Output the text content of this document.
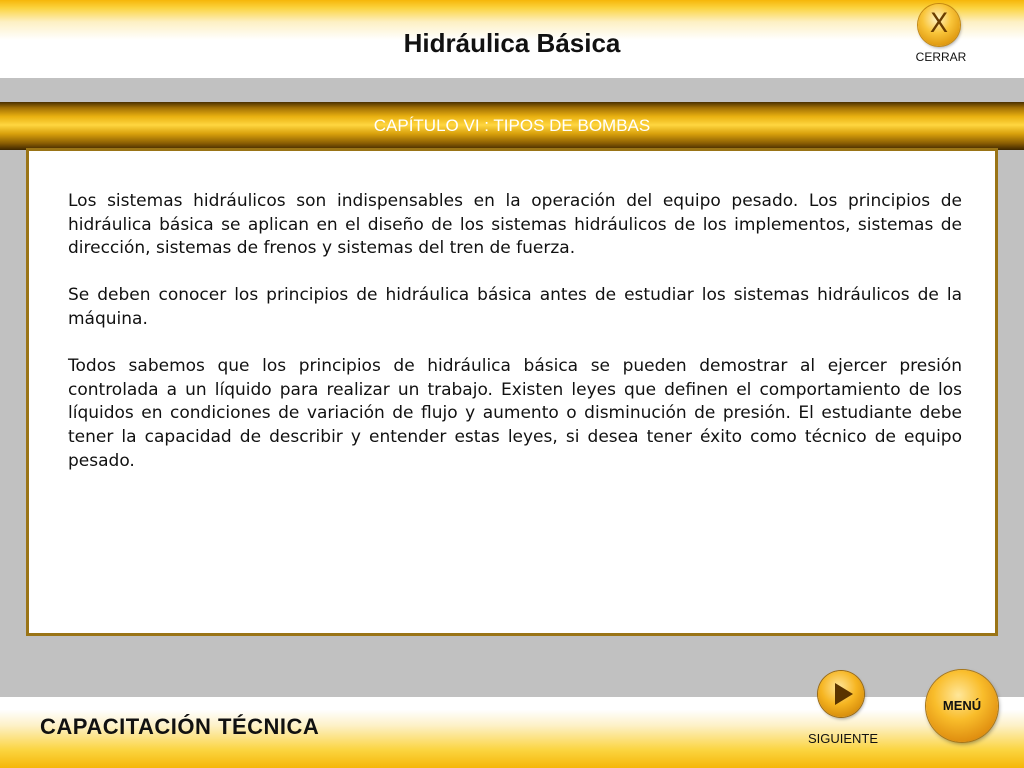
Hidráulica Básica
X
CERRAR
CAPÍTULO VI : TIPOS DE BOMBAS

Los sistemas hidráulicos son indispensables en la operación del equipo pesado. Los principios de hidráulica básica se aplican en el diseño de los sistemas hidráulicos de los implementos, sistemas de dirección, sistemas de frenos y sistemas del tren de fuerza.

Se deben conocer los principios de hidráulica básica antes de estudiar los sistemas hidráulicos de la máquina.

Todos sabemos que los principios de hidráulica básica se pueden demostrar al ejercer presión controlada a un líquido para realizar un trabajo. Existen leyes que definen el comportamiento de los líquidos en condiciones de variación de flujo y aumento o disminución de presión. El estudiante debe tener la capacidad de describir y entender estas leyes, si desea tener éxito como técnico de equipo pesado.

CAPACITACIÓN TÉCNICA	SIGUIENTE
MENÚ
